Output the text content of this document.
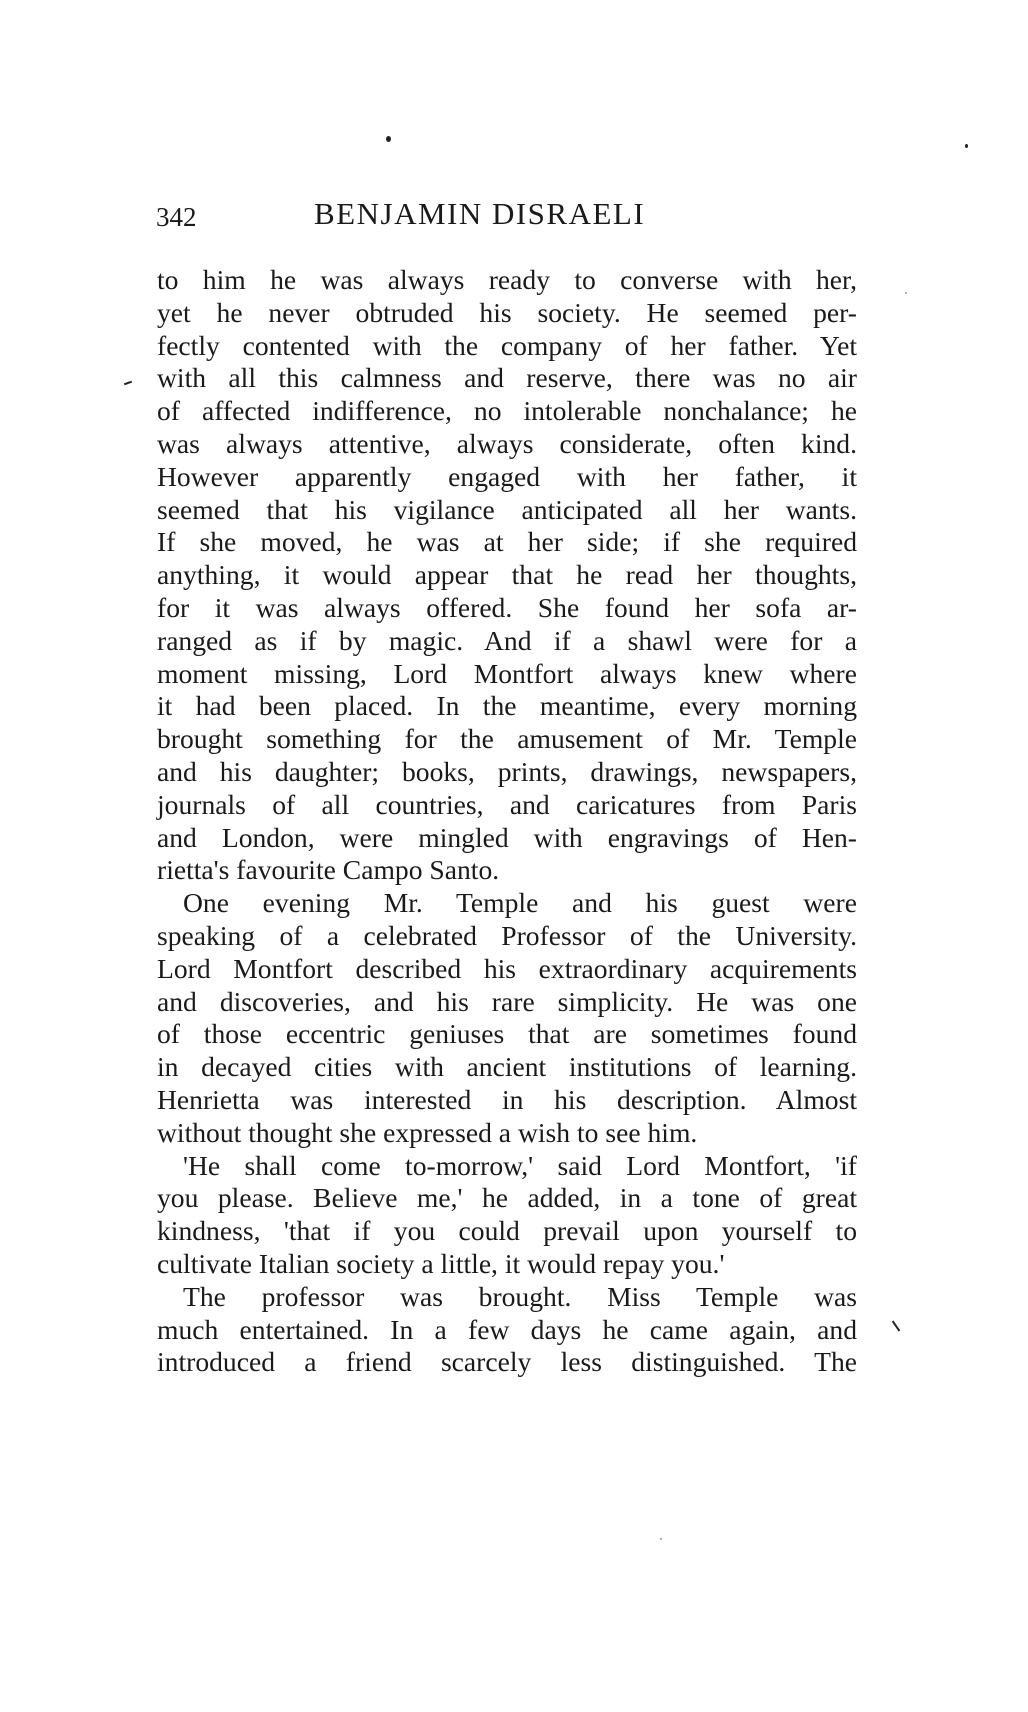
342	BENJAMIN DISRAELI
to him he was always ready to converse with her,
yet he never obtruded his society. He seemed per-
fectly contented with the company of her father. Yet
with all this calmness and reserve, there was no air
of affected indifference, no intolerable nonchalance; he
was always attentive, always considerate, often kind.
However apparently engaged with her father, it
seemed that his vigilance anticipated all her wants.
If she moved, he was at her side; if she required
anything, it would appear that he read her thoughts,
for it was always offered. She found her sofa ar-
ranged as if by magic. And if a shawl were for a
moment missing, Lord Montfort always knew where
it had been placed. In the meantime, every morning
brought something for the amusement of Mr. Temple
and his daughter; books, prints, drawings, newspapers,
journals of all countries, and caricatures from Paris
and London, were mingled with engravings of Hen-
rietta's favourite Campo Santo.
One evening Mr. Temple and his guest were
speaking of a celebrated Professor of the University.
Lord Montfort described his extraordinary acquirements
and discoveries, and his rare simplicity. He was one
of those eccentric geniuses that are sometimes found
in decayed cities with ancient institutions of learning.
Henrietta was interested in his description. Almost
without thought she expressed a wish to see him.
'He shall come to-morrow,' said Lord Montfort, 'if
you please. Believe me,' he added, in a tone of great
kindness, 'that if you could prevail upon yourself to
cultivate Italian society a little, it would repay you.'
The professor was brought. Miss Temple was
much entertained. In a few days he came again, and
introduced a friend scarcely less distinguished. The
